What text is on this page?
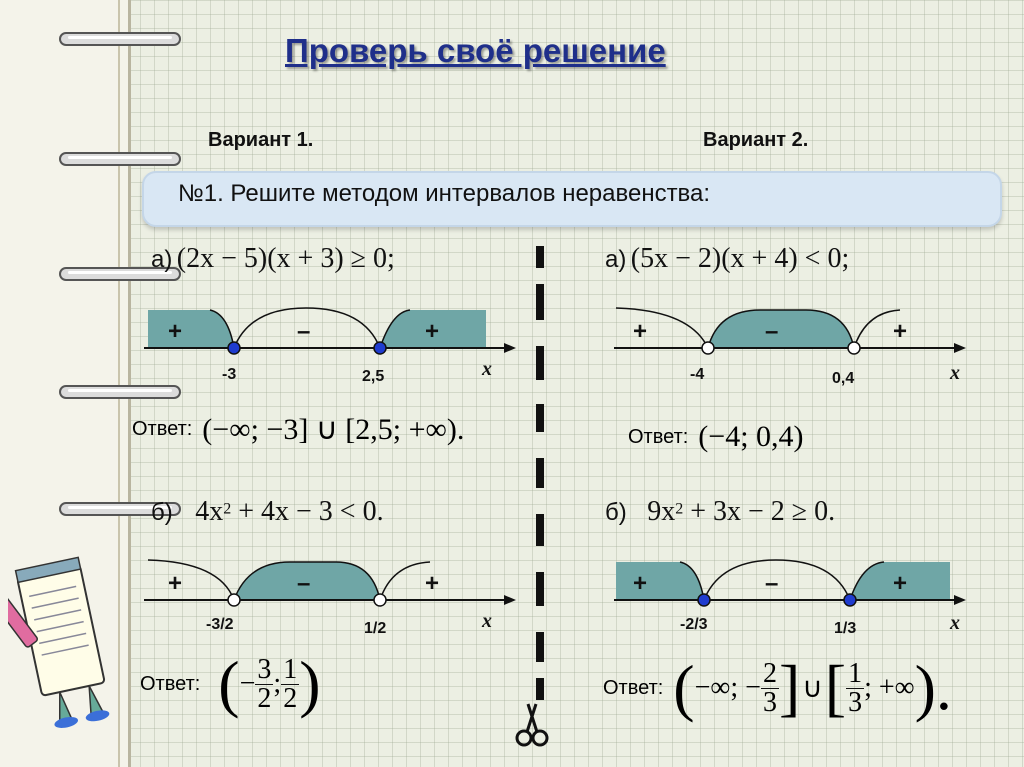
Проверь своё решение
Вариант 1.	Вариант 2.
№1. Решите методом интервалов неравенства:
а) (2x − 5)(x + 3) ≥ 0;
+	–	+
-3	2,5	x
Ответ: (−∞; −3] ∪ [2,5; +∞).
а) (5x − 2)(x + 4) < 0;
+	–	+
-4	0,4	x
Ответ: (−4; 0,4)
б) $4x^2 + 4x - 3 < 0$.
+	–	+
-3/2	1/2	x
Ответ: ( − $\frac{3}{2}$ ; $\frac{1}{2}$ )
б) $9x^2 + 3x - 2 \ge 0$.
+	–	+
-2/3	1/3	x
Ответ: ( −∞; − $\frac{2}{3}$ ] ∪ [ $\frac{1}{3}$ ; +∞ ).
